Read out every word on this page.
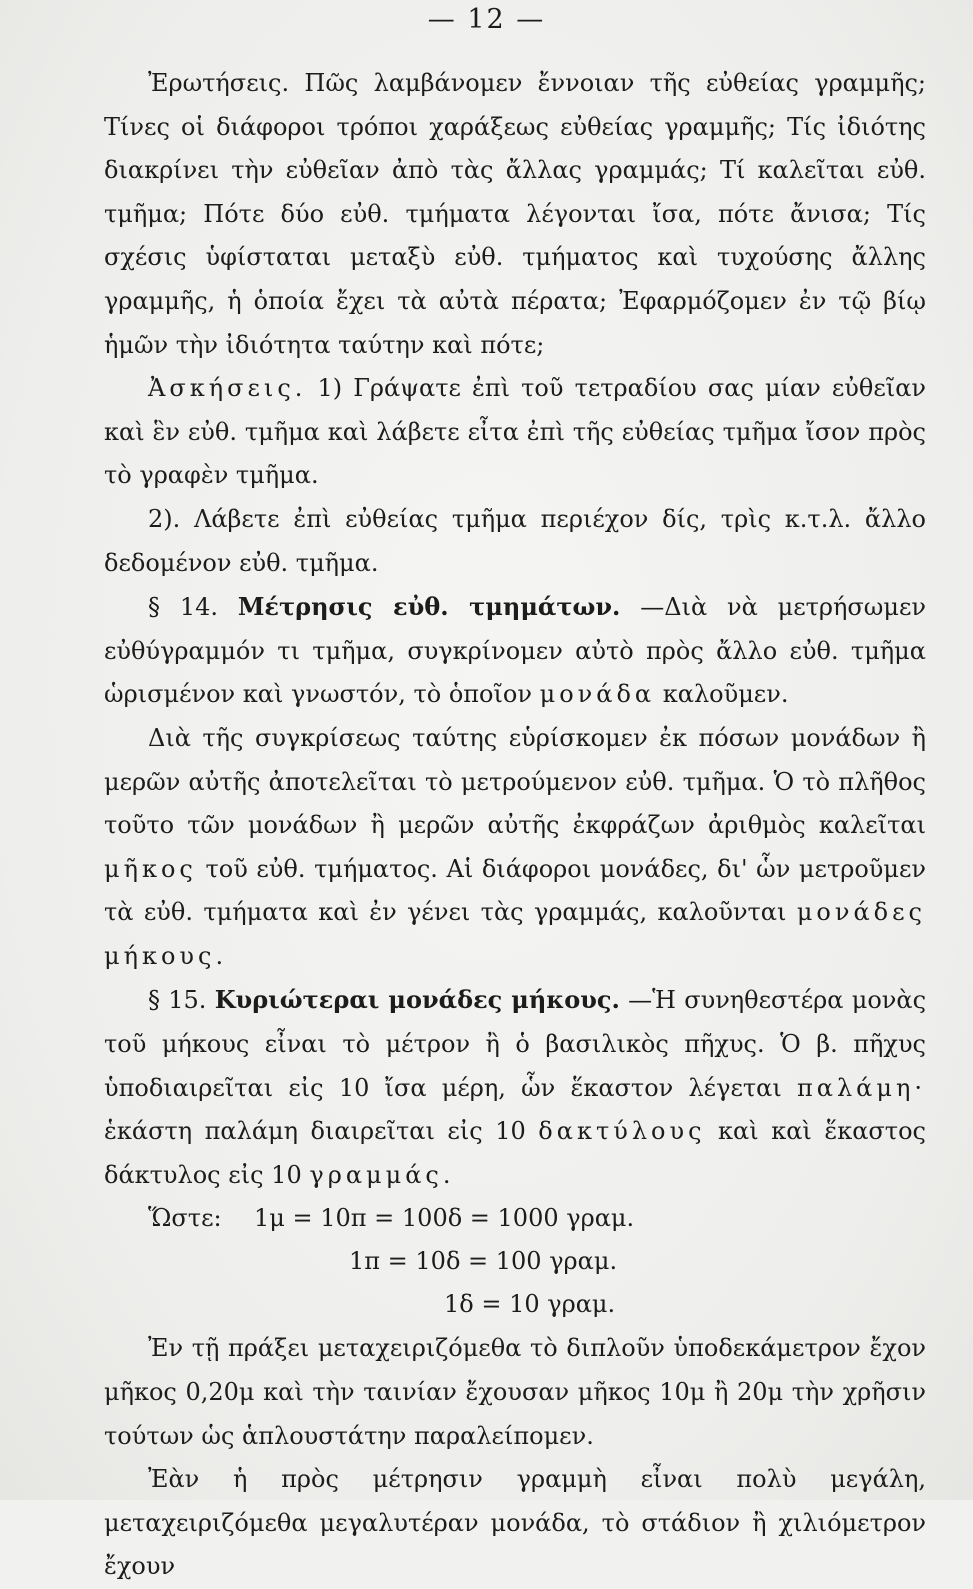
— 12 —

Ἐρωτήσεις. Πῶς λαμβάνομεν ἔννοιαν τῆς εὐθείας γραμμῆς; Τίνες οἱ διάφοροι τρόποι χαράξεως εὐθείας γραμμῆς; Τίς ἰδιότης διακρίνει τὴν εὐθεῖαν ἀπὸ τὰς ἄλλας γραμμάς; Τί καλεῖται εὐθ. τμῆμα; Πότε δύο εὐθ. τμήματα λέγονται ἴσα, πότε ἄνισα; Τίς σχέσις ὑφίσταται μεταξὺ εὐθ. τμήματος καὶ τυχούσης ἄλλης γραμμῆς, ἡ ὁποία ἔχει τὰ αὐτὰ πέρατα; Ἐφαρμόζομεν ἐν τῷ βίῳ ἡμῶν τὴν ἰδιότητα ταύτην καὶ πότε;

Ἀσκήσεις. 1) Γράψατε ἐπὶ τοῦ τετραδίου σας μίαν εὐθεῖαν καὶ ἓν εὐθ. τμῆμα καὶ λάβετε εἶτα ἐπὶ τῆς εὐθείας τμῆμα ἴσον πρὸς τὸ γραφὲν τμῆμα.

2). Λάβετε ἐπὶ εὐθείας τμῆμα περιέχον δίς, τρὶς κ.τ.λ. ἄλλο δεδομένον εὐθ. τμῆμα.

§ 14. Μέτρησις εὐθ. τμημάτων. —Διὰ νὰ μετρήσωμεν εὐθύγραμμόν τι τμῆμα, συγκρίνομεν αὐτὸ πρὸς ἄλλο εὐθ. τμῆμα ὡρισμένον καὶ γνωστόν, τὸ ὁποῖον μονάδα καλοῦμεν.

Διὰ τῆς συγκρίσεως ταύτης εὑρίσκομεν ἐκ πόσων μονάδων ἢ μερῶν αὐτῆς ἀποτελεῖται τὸ μετρούμενον εὐθ. τμῆμα. Ὁ τὸ πλῆθος τοῦτο τῶν μονάδων ἢ μερῶν αὐτῆς ἐκφράζων ἀριθμὸς καλεῖται μῆκος τοῦ εὐθ. τμήματος. Αἱ διάφοροι μονάδες, δι' ὧν μετροῦμεν τὰ εὐθ. τμήματα καὶ ἐν γένει τὰς γραμμάς, καλοῦνται μονάδες μήκους.

§ 15. Κυριώτεραι μονάδες μήκους. —Ἡ συνηθεστέρα μονὰς τοῦ μήκους εἶναι τὸ μέτρον ἢ ὁ βασιλικὸς πῆχυς. Ὁ β. πῆχυς ὑποδιαιρεῖται εἰς 10 ἴσα μέρη, ὧν ἕκαστον λέγεται παλάμη· ἑκάστη παλάμη διαιρεῖται εἰς 10 δακτύλους καὶ καὶ ἕκαστος δάκτυλος εἰς 10 γραμμάς.

Ὥστε: 1μ = 10π = 100δ = 1000 γραμ.
1π = 10δ = 100 γραμ.
1δ = 10 γραμ.

Ἐν τῇ πράξει μεταχειριζόμεθα τὸ διπλοῦν ὑποδεκάμετρον ἔχον μῆκος 0,20μ καὶ τὴν ταινίαν ἔχουσαν μῆκος 10μ ἢ 20μ τὴν χρῆσιν τούτων ὡς ἁπλουστάτην παραλείπομεν.

Ἐὰν ἡ πρὸς μέτρησιν γραμμὴ εἶναι πολὺ μεγάλη, μεταχειριζόμεθα μεγαλυτέραν μονάδα, τὸ στάδιον ἢ χιλιόμετρον ἔχουν
